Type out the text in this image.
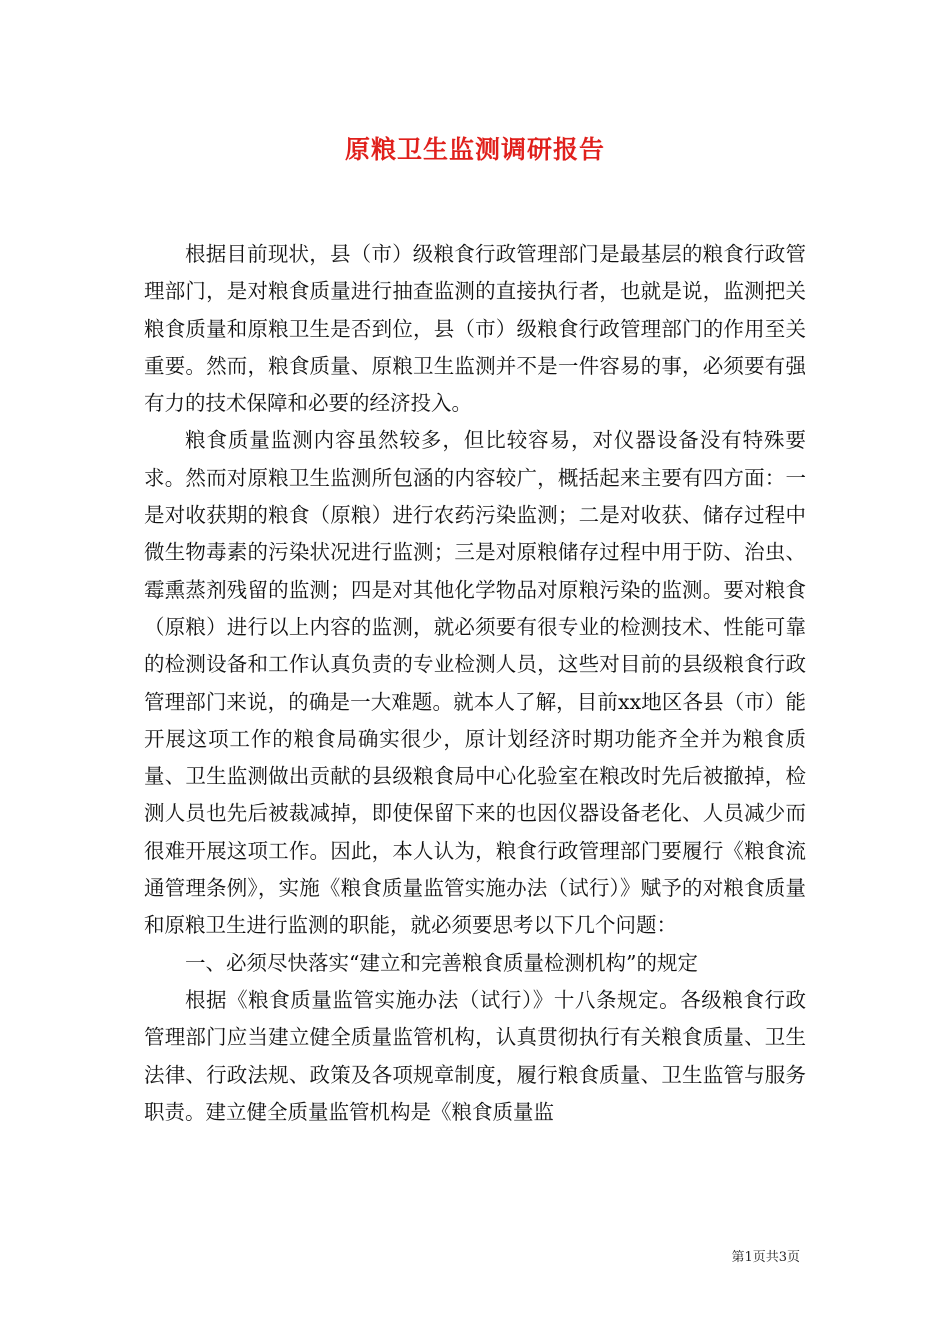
原粮卫生监测调研报告

根据目前现状，县（市）级粮食行政管理部门是最基层的粮食行政管理部门，是对粮食质量进行抽查监测的直接执行者，也就是说，监测把关粮食质量和原粮卫生是否到位，县（市）级粮食行政管理部门的作用至关重要。然而，粮食质量、原粮卫生监测并不是一件容易的事，必须要有强有力的技术保障和必要的经济投入。

粮食质量监测内容虽然较多，但比较容易，对仪器设备没有特殊要求。然而对原粮卫生监测所包涵的内容较广，概括起来主要有四方面：一是对收获期的粮食（原粮）进行农药污染监测；二是对收获、储存过程中微生物毒素的污染状况进行监测；三是对原粮储存过程中用于防、治虫、霉熏蒸剂残留的监测；四是对其他化学物品对原粮污染的监测。要对粮食（原粮）进行以上内容的监测，就必须要有很专业的检测技术、性能可靠的检测设备和工作认真负责的专业检测人员，这些对目前的县级粮食行政管理部门来说，的确是一大难题。就本人了解，目前xx地区各县（市）能开展这项工作的粮食局确实很少，原计划经济时期功能齐全并为粮食质量、卫生监测做出贡献的县级粮食局中心化验室在粮改时先后被撤掉，检测人员也先后被裁减掉，即使保留下来的也因仪器设备老化、人员减少而很难开展这项工作。因此，本人认为，粮食行政管理部门要履行《粮食流通管理条例》，实施《粮食质量监管实施办法（试行）》赋予的对粮食质量和原粮卫生进行监测的职能，就必须要思考以下几个问题：

一、必须尽快落实“建立和完善粮食质量检测机构”的规定

根据《粮食质量监管实施办法（试行）》十八条规定。各级粮食行政管理部门应当建立健全质量监管机构，认真贯彻执行有关粮食质量、卫生法律、行政法规、政策及各项规章制度，履行粮食质量、卫生监管与服务职责。建立健全质量监管机构是《粮食质量监

第1页共3页
